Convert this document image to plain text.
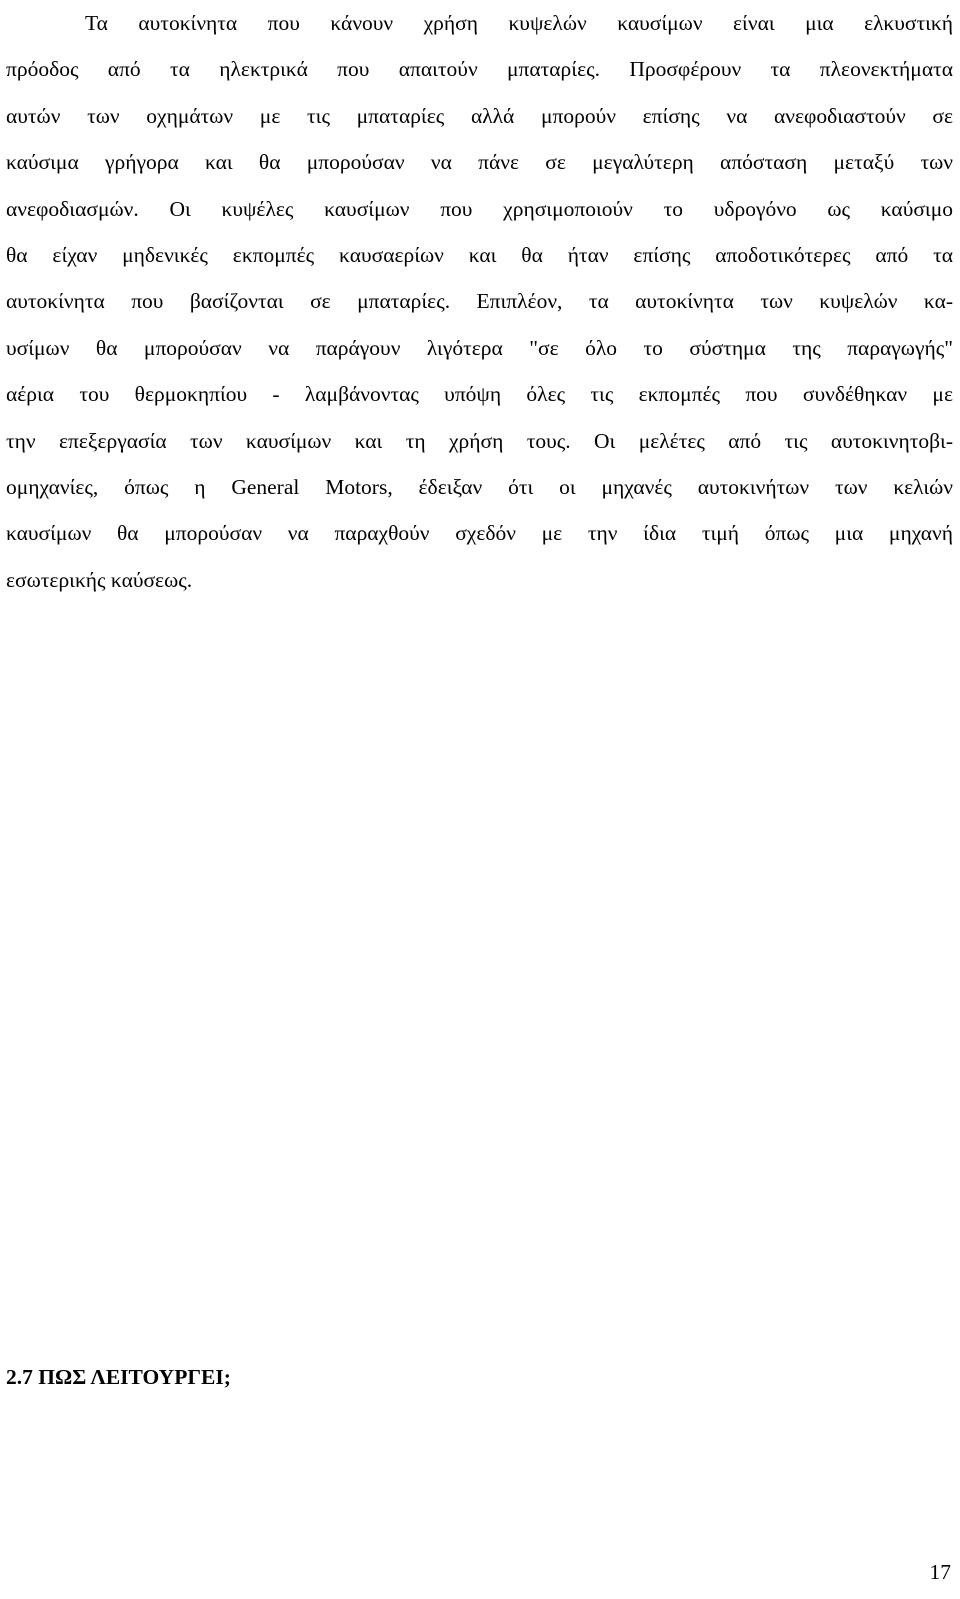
Τα αυτοκίνητα που κάνουν χρήση κυψελών καυσίμων είναι μια ελκυστική
πρόοδος από τα ηλεκτρικά που απαιτούν μπαταρίες. Προσφέρουν τα πλεονεκτήματα
αυτών των οχημάτων με τις μπαταρίες αλλά μπορούν επίσης να ανεφοδιαστούν σε
καύσιμα γρήγορα και θα μπορούσαν να πάνε σε μεγαλύτερη απόσταση μεταξύ των
ανεφοδιασμών. Οι κυψέλες καυσίμων που χρησιμοποιούν το υδρογόνο ως καύσιμο
θα είχαν μηδενικές εκπομπές καυσαερίων και θα ήταν επίσης αποδοτικότερες από τα
αυτοκίνητα που βασίζονται σε μπαταρίες. Επιπλέον, τα αυτοκίνητα των κυψελών κα-
υσίμων θα μπορούσαν να παράγουν λιγότερα "σε όλο το σύστημα της παραγωγής"
αέρια του θερμοκηπίου - λαμβάνοντας υπόψη όλες τις εκπομπές που συνδέθηκαν με
την επεξεργασία των καυσίμων και τη χρήση τους. Οι μελέτες από τις αυτοκινητοβι-
ομηχανίες, όπως η General Motors, έδειξαν ότι οι μηχανές αυτοκινήτων των κελιών
καυσίμων θα μπορούσαν να παραχθούν σχεδόν με την ίδια τιμή όπως μια μηχανή
εσωτερικής καύσεως.
2.7 ΠΩΣ ΛΕΙΤΟΥΡΓΕΙ;
17
